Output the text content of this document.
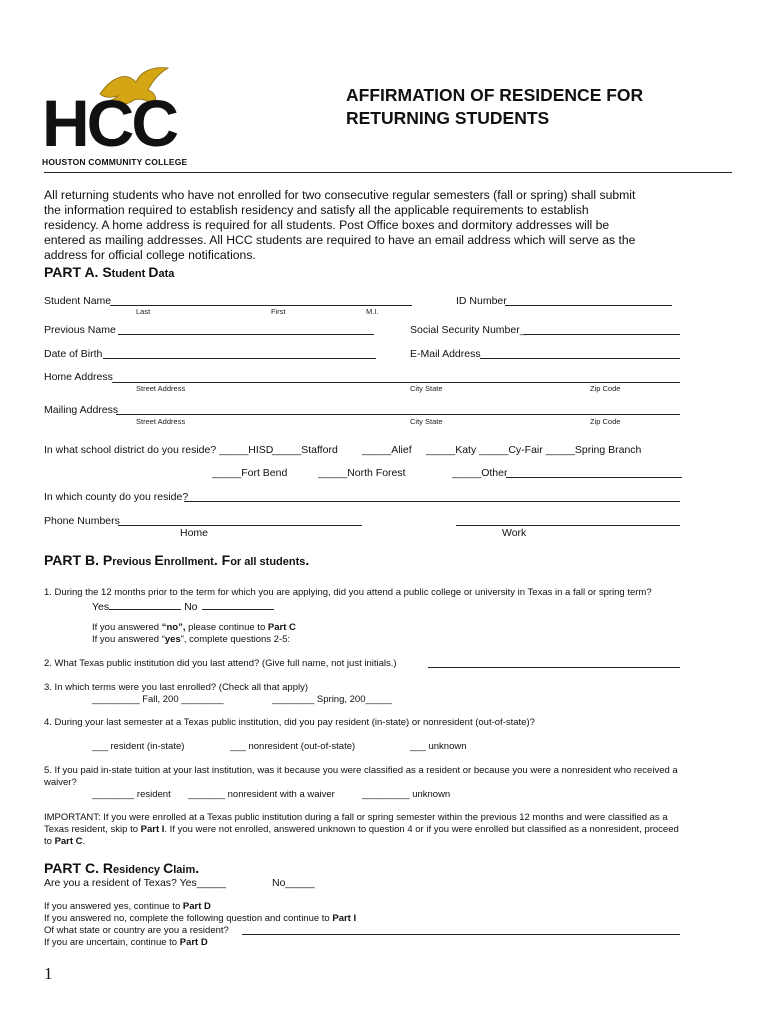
HCC
HOUSTON COMMUNITY COLLEGE
AFFIRMATION OF RESIDENCE FOR
RETURNING STUDENTS
All returning students who have not enrolled for two consecutive regular semesters (fall or spring) shall submit the information required to establish residency and satisfy all the applicable requirements to establish residency. A home address is required for all students. Post Office boxes and dormitory addresses will be entered as mailing addresses. All HCC students are required to have an email address which will serve as the address for official college notifications.
PART A. Student Data
Student Name
Last	First	M.I.
ID Number
Previous Name	Social Security Number_
Date of Birth	E-Mail Address
Home Address
Street Address	City State	Zip Code
Mailing Address
Street Address	City State	Zip Code
In what school district do you reside? _____HISD
_____Stafford _____Alief _____Katy _____Cy-Fair _____Spring Branch
_____Fort Bend	_____North Forest	_____Other
In which county do you reside?
Phone Numbers
Home	Work
PART B. Previous Enrollment. For all students.
1. During the 12 months prior to the term for which you are applying, did you attend a public college or university in Texas in a fall or spring term?
Yes	No
If you answered “no”, please continue to Part C
If you answered “yes”, complete questions 2-5:
2. What Texas public institution did you last attend? (Give full name, not just initials.)
3. In which terms were you last enrolled? (Check all that apply)
_________ Fall, 200 ________	________ Spring, 200_____
4. During your last semester at a Texas public institution, did you pay resident (in-state) or nonresident (out-of-state)?
___ resident (in-state)	___ nonresident (out-of-state)	___ unknown
5. If you paid in-state tuition at your last institution, was it because you were classified as a resident or because you were a nonresident who received a
waiver?
________ resident _______ nonresident with a waiver	_________ unknown
IMPORTANT: If you were enrolled at a Texas public institution during a fall or spring semester within the previous 12 months and were classified as a
Texas resident, skip to Part I. If you were not enrolled, answered unknown to question 4 or if you were enrolled but classified as a nonresident, proceed
to Part C.
PART C. Residency Claim.
Are you a resident of Texas? Yes_____	No_____
If you answered yes, continue to Part D
If you answered no, complete the following question and continue to Part I
Of what state or country are you a resident?
If you are uncertain, continue to Part D
1
